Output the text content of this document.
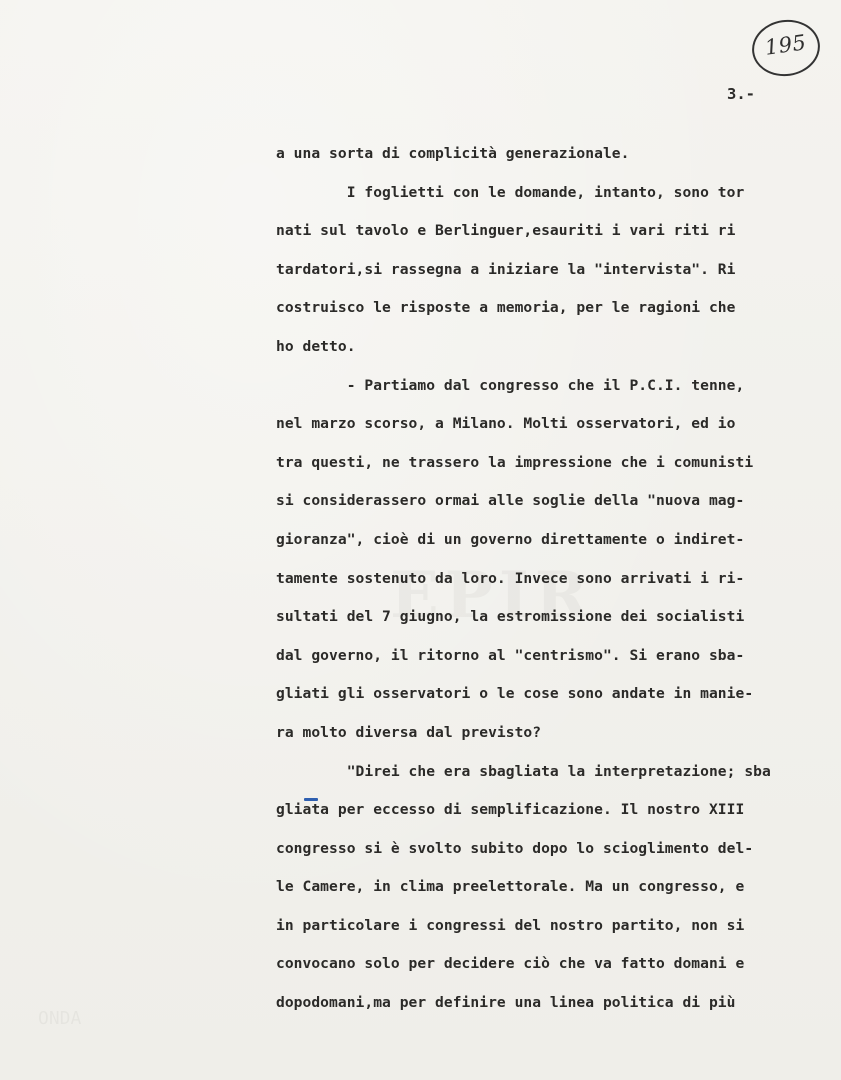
195
3.-
a una sorta di complicità generazionale.
I foglietti con le domande, intanto, sono tor
nati sul tavolo e Berlinguer,esauriti i vari riti ri
tardatori,si rassegna a iniziare la "intervista". Ri
costruisco le risposte a memoria, per le ragioni che
ho detto.
- Partiamo dal congresso che il P.C.I. tenne,
nel marzo scorso, a Milano. Molti osservatori, ed io
tra questi, ne trassero la impressione che i comunisti
si considerassero ormai alle soglie della "nuova mag-
gioranza", cioè di un governo direttamente o indiret-
tamente sostenuto da loro. Invece sono arrivati i ri-
sultati del 7 giugno, la estromissione dei socialisti
dal governo, il ritorno al "centrismo". Si erano sba-
gliati gli osservatori o le cose sono andate in manie-
ra molto diversa dal previsto?
"Direi che era sbagliata la interpretazione; sba
gliata per eccesso di semplificazione. Il nostro XIII
congresso si è svolto subito dopo lo scioglimento del-
le Camere, in clima preelettorale. Ma un congresso, e
in particolare i congressi del nostro partito, non si
convocano solo per decidere ciò che va fatto domani e
dopodomani,ma per definire una linea politica di più
